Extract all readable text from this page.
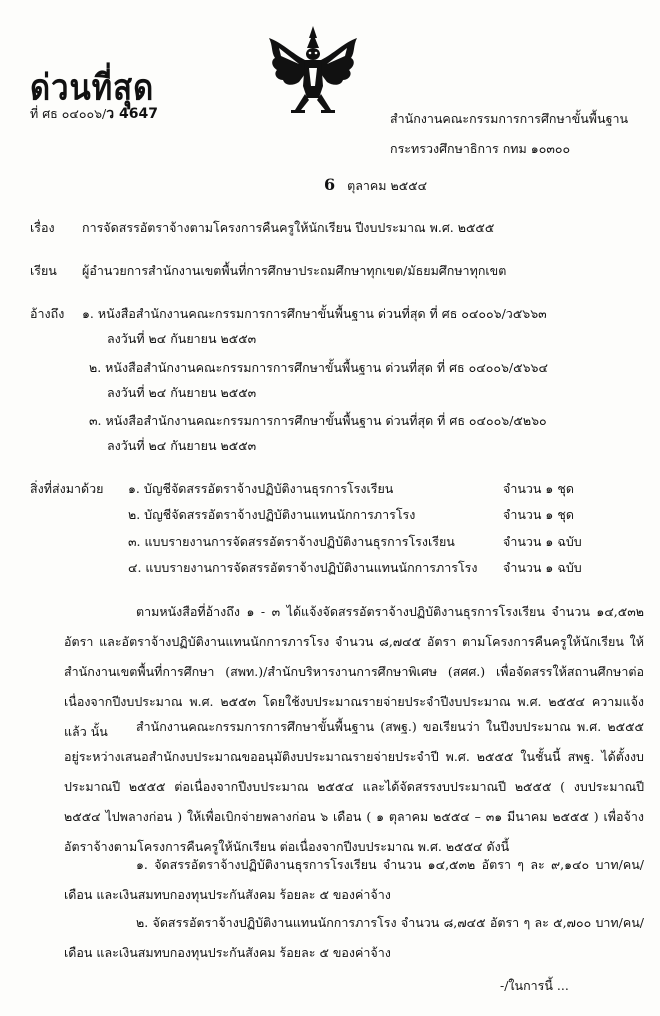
ด่วนที่สุด
ที่ ศธ ๐๔๐๐๖/ว 4647	สำนักงานคณะกรรมการการศึกษาขั้นพื้นฐาน
กระทรวงศึกษาธิการ กทม ๑๐๓๐๐
6 ตุลาคม ๒๕๕๔
เรื่อง การจัดสรรอัตราจ้างตามโครงการคืนครูให้นักเรียน ปีงบประมาณ พ.ศ. ๒๕๕๕
เรียน ผู้อำนวยการสำนักงานเขตพื้นที่การศึกษาประถมศึกษาทุกเขต/มัธยมศึกษาทุกเขต
อ้างถึง ๑. หนังสือสำนักงานคณะกรรมการการศึกษาขั้นพื้นฐาน ด่วนที่สุด ที่ ศธ ๐๔๐๐๖/ว๕๖๖๓
ลงวันที่ ๒๔ กันยายน ๒๕๕๓
๒. หนังสือสำนักงานคณะกรรมการการศึกษาขั้นพื้นฐาน ด่วนที่สุด ที่ ศธ ๐๔๐๐๖/๕๖๖๔
ลงวันที่ ๒๔ กันยายน ๒๕๕๓
๓. หนังสือสำนักงานคณะกรรมการการศึกษาขั้นพื้นฐาน ด่วนที่สุด ที่ ศธ ๐๔๐๐๖/๕๒๖๐
ลงวันที่ ๒๔ กันยายน ๒๕๕๓
สิ่งที่ส่งมาด้วย ๑. บัญชีจัดสรรอัตราจ้างปฏิบัติงานธุรการโรงเรียน	จำนวน ๑ ชุด
๒. บัญชีจัดสรรอัตราจ้างปฏิบัติงานแทนนักการภารโรง	จำนวน ๑ ชุด
๓. แบบรายงานการจัดสรรอัตราจ้างปฏิบัติงานธุรการโรงเรียน	จำนวน ๑ ฉบับ
๔. แบบรายงานการจัดสรรอัตราจ้างปฏิบัติงานแทนนักการภารโรง จำนวน ๑ ฉบับ
ตามหนังสือที่อ้างถึง ๑ - ๓ ได้แจ้งจัดสรรอัตราจ้างปฏิบัติงานธุรการโรงเรียน จำนวน ๑๔,๕๓๒ อัตรา และอัตราจ้างปฏิบัติงานแทนนักการภารโรง จำนวน ๘,๗๔๕ อัตรา ตามโครงการคืนครูให้นักเรียน ให้สำนักงานเขตพื้นที่การศึกษา (สพท.)/สำนักบริหารงานการศึกษาพิเศษ (สศศ.) เพื่อจัดสรรให้สถานศึกษาต่อเนื่องจากปีงบประมาณ พ.ศ. ๒๕๕๓ โดยใช้งบประมาณรายจ่ายประจำปีงบประมาณ พ.ศ. ๒๕๕๔ ความแจ้งแล้ว นั้น	สำนักงานคณะกรรมการการศึกษาขั้นพื้นฐาน (สพฐ.) ขอเรียนว่า ในปีงบประมาณ พ.ศ. ๒๕๕๕ อยู่ระหว่างเสนอสำนักงบประมาณขออนุมัติงบประมาณรายจ่ายประจำปี พ.ศ. ๒๕๕๕ ในชั้นนี้ สพฐ. ได้ตั้งงบประมาณปี ๒๕๕๕ ต่อเนื่องจากปีงบประมาณ ๒๕๕๔ และได้จัดสรรงบประมาณปี ๒๕๕๕ ( งบประมาณปี ๒๕๕๔ ไปพลางก่อน ) ให้เพื่อเบิกจ่ายพลางก่อน ๖ เดือน ( ๑ ตุลาคม ๒๕๕๔ – ๓๑ มีนาคม ๒๕๕๕ ) เพื่อจ้างอัตราจ้างตามโครงการคืนครูให้นักเรียน ต่อเนื่องจากปีงบประมาณ พ.ศ. ๒๕๕๔ ดังนี้
๑. จัดสรรอัตราจ้างปฏิบัติงานธุรการโรงเรียน จำนวน ๑๔,๕๓๒ อัตรา ๆ ละ ๙,๑๔๐ บาท/คน/เดือน และเงินสมทบกองทุนประกันสังคม ร้อยละ ๕ ของค่าจ้าง
๒. จัดสรรอัตราจ้างปฏิบัติงานแทนนักการภารโรง จำนวน ๘,๗๔๕ อัตรา ๆ ละ ๕,๗๐๐ บาท/คน/เดือน และเงินสมทบกองทุนประกันสังคม ร้อยละ ๕ ของค่าจ้าง
-/ในการนี้ ...
